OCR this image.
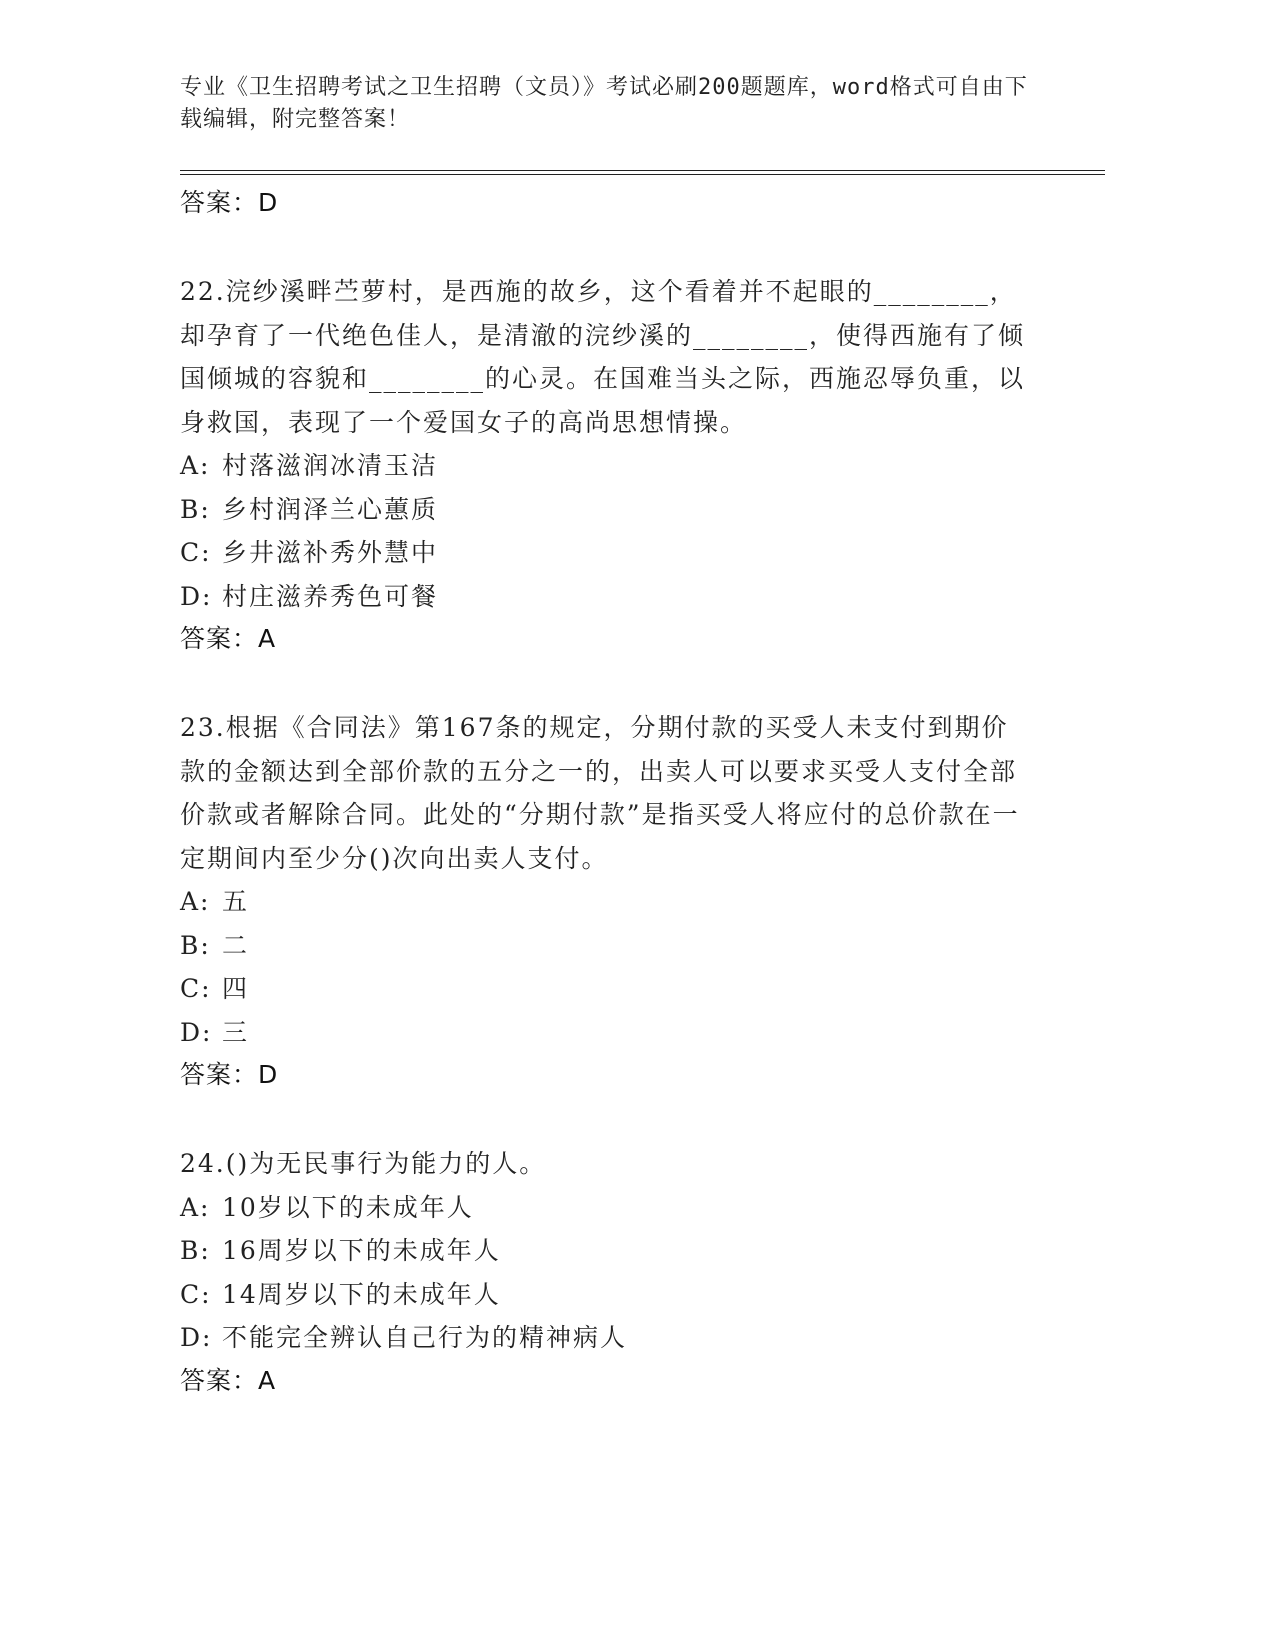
专业《卫生招聘考试之卫生招聘（文员）》考试必刷200题题库，word格式可自由下载编辑，附完整答案！
答案：D

22.浣纱溪畔苎萝村，是西施的故乡，这个看着并不起眼的________，却孕育了一代绝色佳人，是清澈的浣纱溪的________，使得西施有了倾国倾城的容貌和________的心灵。在国难当头之际，西施忍辱负重，以身救国，表现了一个爱国女子的高尚思想情操。

A: 村落滋润冰清玉洁
B: 乡村润泽兰心蕙质
C: 乡井滋补秀外慧中
D: 村庄滋养秀色可餐
答案：A

23.根据《合同法》第167条的规定，分期付款的买受人未支付到期价款的金额达到全部价款的五分之一的，出卖人可以要求买受人支付全部价款或者解除合同。此处的“分期付款”是指买受人将应付的总价款在一定期间内至少分()次向出卖人支付。

A: 五
B: 二
C: 四
D: 三
答案：D

24.()为无民事行为能力的人。

A: 10岁以下的未成年人
B: 16周岁以下的未成年人
C: 14周岁以下的未成年人
D: 不能完全辨认自己行为的精神病人
答案：A
